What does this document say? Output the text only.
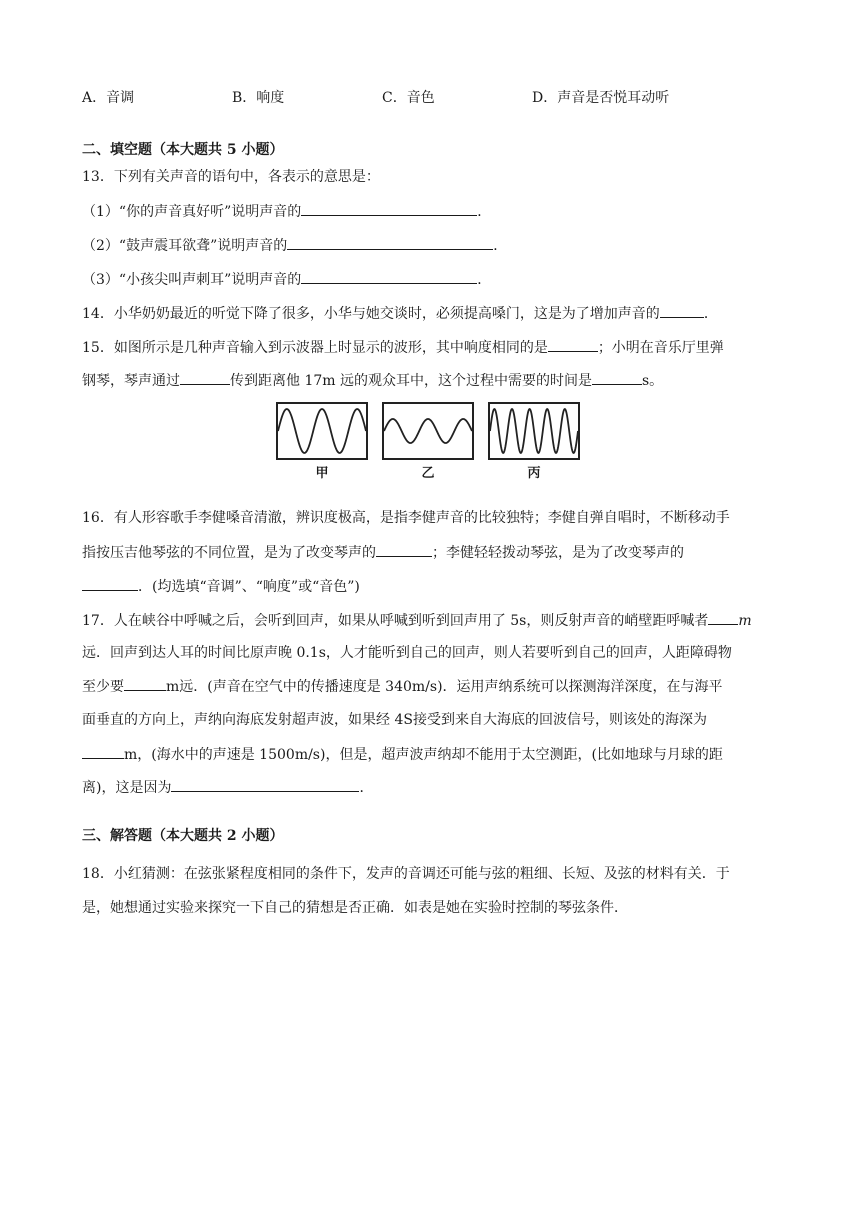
A．音调	B．响度	C．音色	D．声音是否悦耳动听
二、填空题（本大题共 5 小题）
13．下列有关声音的语句中，各表示的意思是：
（1）“你的声音真好听”说明声音的	．
（2）“鼓声震耳欲聋”说明声音的	．
（3）“小孩尖叫声刺耳”说明声音的	．
14．小华奶奶最近的听觉下降了很多，小华与她交谈时，必须提高嗓门，这是为了增加声音的	．
15．如图所示是几种声音输入到示波器上时显示的波形，其中响度相同的是	；小明在音乐厅里弹
钢琴，琴声通过	传到距离他 17m 远的观众耳中，这个过程中需要的时间是	s。
甲	乙	丙
16．有人形容歌手李健嗓音清澈，辨识度极高，是指李健声音的比较独特；李健自弹自唱时，不断移动手
指按压吉他琴弦的不同位置，是为了改变琴声的	；李健轻轻拨动琴弦，是为了改变琴声的
．(均选填“音调”、“响度”或“音色”)
17．人在峡谷中呼喊之后，会听到回声，如果从呼喊到听到回声用了 5s，则反射声音的峭壁距呼喊者 m
远．回声到达人耳的时间比原声晚 0.1s，人才能听到自己的回声，则人若要听到自己的回声，人距障碍物
至少要	m远．(声音在空气中的传播速度是 340m/s)．运用声纳系统可以探测海洋深度，在与海平
面垂直的方向上，声纳向海底发射超声波，如果经 4S接受到来自大海底的回波信号，则该处的海深为
m，(海水中的声速是 1500m/s)，但是，超声波声纳却不能用于太空测距，(比如地球与月球的距
离)，这是因为	．
三、解答题（本大题共 2 小题）
18．小红猜测：在弦张紧程度相同的条件下，发声的音调还可能与弦的粗细、长短、及弦的材料有关．于
是，她想通过实验来探究一下自己的猜想是否正确．如表是她在实验时控制的琴弦条件．
